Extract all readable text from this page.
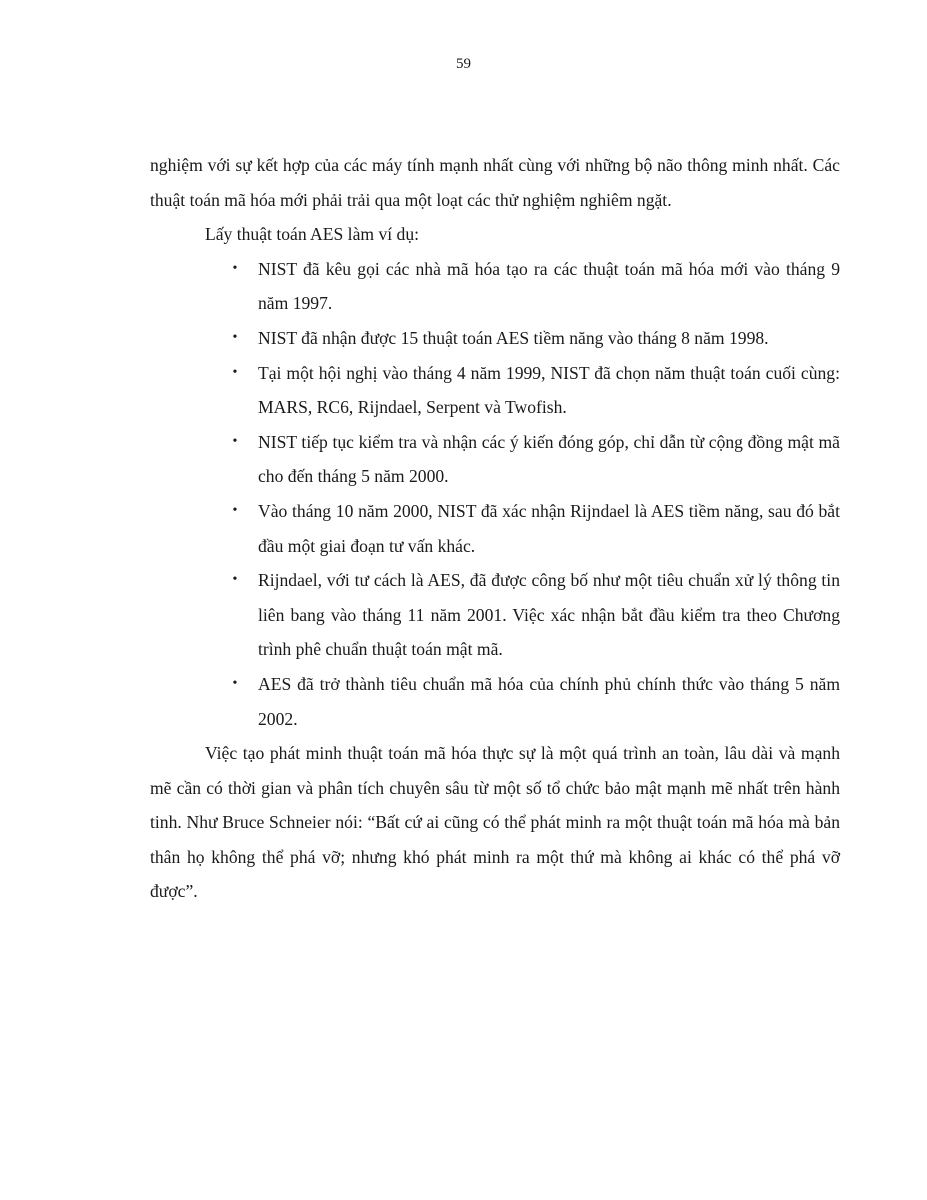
59

nghiệm với sự kết hợp của các máy tính mạnh nhất cùng với những bộ não thông minh nhất. Các thuật toán mã hóa mới phải trải qua một loạt các thử nghiệm nghiêm ngặt.

Lấy thuật toán AES làm ví dụ:

• NIST đã kêu gọi các nhà mã hóa tạo ra các thuật toán mã hóa mới vào tháng 9 năm 1997.
• NIST đã nhận được 15 thuật toán AES tiềm năng vào tháng 8 năm 1998.
• Tại một hội nghị vào tháng 4 năm 1999, NIST đã chọn năm thuật toán cuối cùng: MARS, RC6, Rijndael, Serpent và Twofish.
• NIST tiếp tục kiểm tra và nhận các ý kiến đóng góp, chỉ dẫn từ cộng đồng mật mã cho đến tháng 5 năm 2000.
• Vào tháng 10 năm 2000, NIST đã xác nhận Rijndael là AES tiềm năng, sau đó bắt đầu một giai đoạn tư vấn khác.
• Rijndael, với tư cách là AES, đã được công bố như một tiêu chuẩn xử lý thông tin liên bang vào tháng 11 năm 2001. Việc xác nhận bắt đầu kiểm tra theo Chương trình phê chuẩn thuật toán mật mã.
• AES đã trở thành tiêu chuẩn mã hóa của chính phủ chính thức vào tháng 5 năm 2002.

Việc tạo phát minh thuật toán mã hóa thực sự là một quá trình an toàn, lâu dài và mạnh mẽ cần có thời gian và phân tích chuyên sâu từ một số tổ chức bảo mật mạnh mẽ nhất trên hành tinh. Như Bruce Schneier nói: “Bất cứ ai cũng có thể phát minh ra một thuật toán mã hóa mà bản thân họ không thể phá vỡ; nhưng khó phát minh ra một thứ mà không ai khác có thể phá vỡ được”.
